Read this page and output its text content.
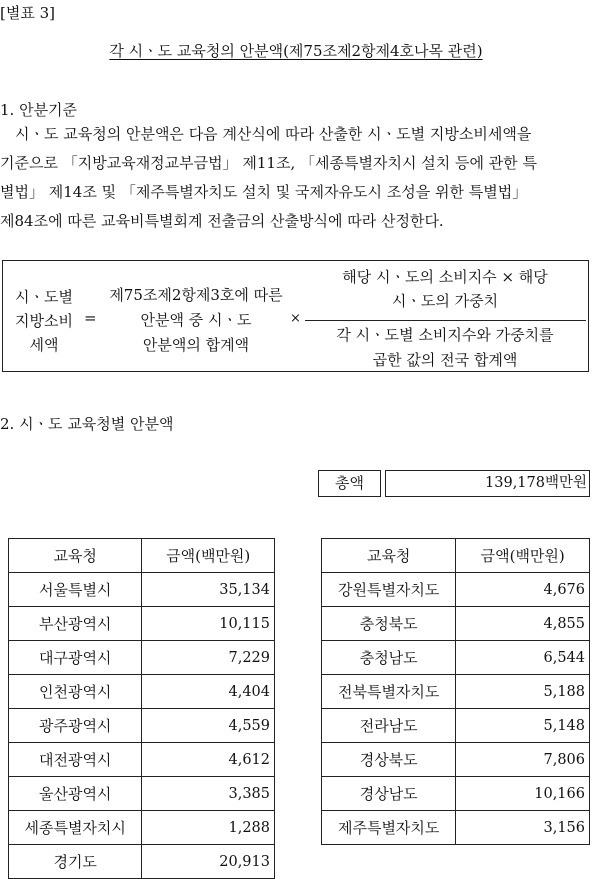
[별표 3]
각 시ㆍ도 교육청의 안분액(제75조제2항제4호나목 관련)
1. 안분기준
시ㆍ도 교육청의 안분액은 다음 계산식에 따라 산출한 시ㆍ도별 지방소비세액을
기준으로 「지방교육재정교부금법」 제11조, 「세종특별자치시 설치 등에 관한 특
별법」 제14조 및 「제주특별자치도 설치 및 국제자유도시 조성을 위한 특별법」
제84조에 따른 교육비특별회계 전출금의 산출방식에 따라 산정한다.
시ㆍ도별
지방소비
세액
=
제75조제2항제3호에 따른
안분액 중 시ㆍ도
안분액의 합계액
×
해당 시ㆍ도의 소비지수 × 해당
시ㆍ도의 가중치
각 시ㆍ도별 소비지수와 가중치를
곱한 값의 전국 합계액
2. 시ㆍ도 교육청별 안분액
총액	139,178백만원
교육청	금액(백만원)
서울특별시	35,134
부산광역시	10,115
대구광역시	7,229
인천광역시	4,404
광주광역시	4,559
대전광역시	4,612
울산광역시	3,385
세종특별자치시	1,288
경기도	20,913
교육청	금액(백만원)
강원특별자치도	4,676
충청북도	4,855
충청남도	6,544
전북특별자치도	5,188
전라남도	5,148
경상북도	7,806
경상남도	10,166
제주특별자치도	3,156
